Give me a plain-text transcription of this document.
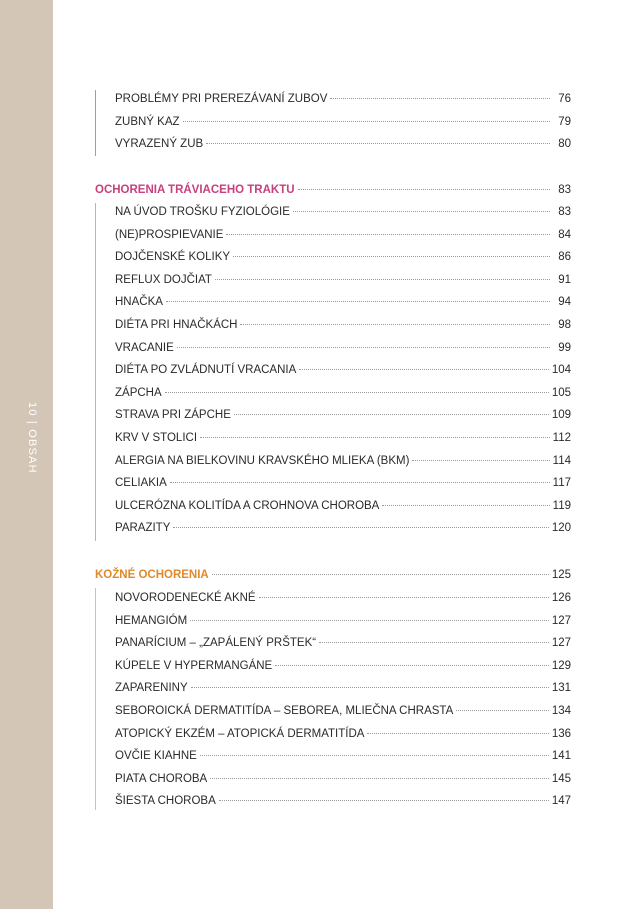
10 | OBSAH
PROBLÉMY PRI PREREZÁVANÍ ZUBOV	76
ZUBNÝ KAZ	79
VYRAZENÝ ZUB	80
OCHORENIA TRÁVIACEHO TRAKTU	83
NA ÚVOD TROŠKU FYZIOLÓGIE	83
(NE)PROSPIEVANIE	84
DOJČENSKÉ KOLIKY	86
REFLUX DOJČIAT	91
HNAČKA	94
DIÉTA PRI HNAČKÁCH	98
VRACANIE	99
DIÉTA PO ZVLÁDNUTÍ VRACANIA	104
ZÁPCHA	105
STRAVA PRI ZÁPCHE	109
KRV V STOLICI	112
ALERGIA NA BIELKOVINU KRAVSKÉHO MLIEKA (BKM)	114
CELIAKIA	117
ULCERÓZNA KOLITÍDA A CROHNOVA CHOROBA	119
PARAZITY	120
KOŽNÉ OCHORENIA	125
NOVORODENECKÉ AKNÉ	126
HEMANGIÓM	127
PANARÍCIUM – „ZAPÁLENÝ PRŠTEK“	127
KÚPELE V HYPERMANGÁNE	129
ZAPARENINY	131
SEBOROICKÁ DERMATITÍDA – SEBOREA, MLIEČNA CHRASTA	134
ATOPICKÝ EKZÉM – ATOPICKÁ DERMATITÍDA	136
OVČIE KIAHNE	141
PIATA CHOROBA	145
ŠIESTA CHOROBA	147
